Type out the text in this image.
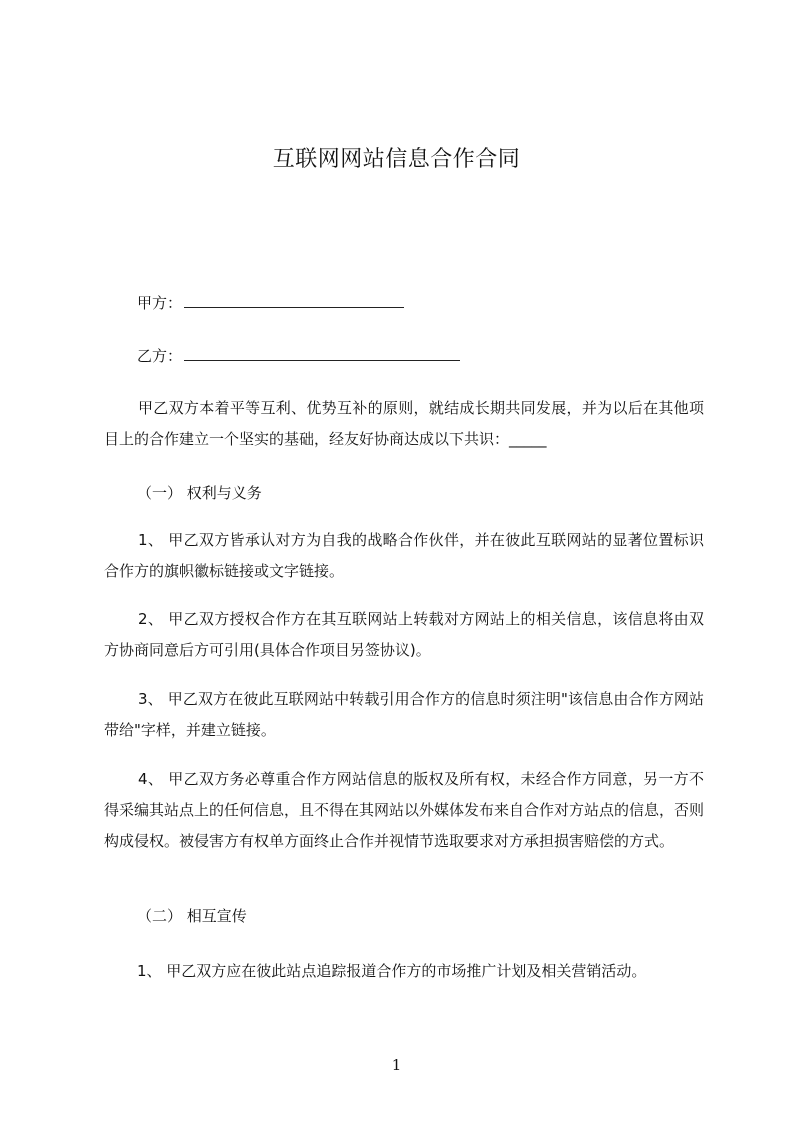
互联网网站信息合作合同
甲方：
乙方：
甲乙双方本着平等互利、优势互补的原则，就结成长期共同发展，并为以后在其他项目上的合作建立一个坚实的基础，经友好协商达成以下共识：_____
（一） 权利与义务
1、 甲乙双方皆承认对方为自我的战略合作伙伴，并在彼此互联网站的显著位置标识合作方的旗帜徽标链接或文字链接。
2、 甲乙双方授权合作方在其互联网站上转载对方网站上的相关信息，该信息将由双方协商同意后方可引用(具体合作项目另签协议)。
3、 甲乙双方在彼此互联网站中转载引用合作方的信息时须注明"该信息由合作方网站带给"字样，并建立链接。
4、 甲乙双方务必尊重合作方网站信息的版权及所有权，未经合作方同意，另一方不得采编其站点上的任何信息，且不得在其网站以外媒体发布来自合作对方站点的信息，否则构成侵权。被侵害方有权单方面终止合作并视情节选取要求对方承担损害赔偿的方式。
（二） 相互宣传
1、 甲乙双方应在彼此站点追踪报道合作方的市场推广计划及相关营销活动。
1
